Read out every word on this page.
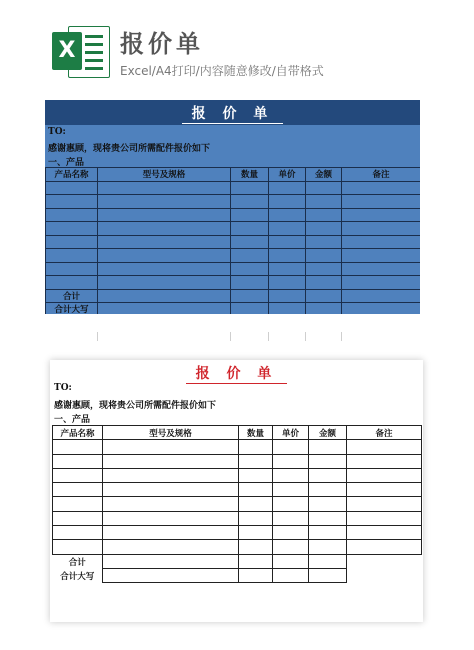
X 报价单
Excel/A4打印/内容随意修改/自带格式
报 价 单
TO:
感谢惠顾，现将贵公司所需配件报价如下
一、产品
产品名称	型号及规格	数量	单价	金额	备注

合计					
合计大写					
报 价 单
TO:
感谢惠顾，现将贵公司所需配件报价如下
一、产品
产品名称	型号及规格	数量	单价	金额	备注

合计					
合计大写					
